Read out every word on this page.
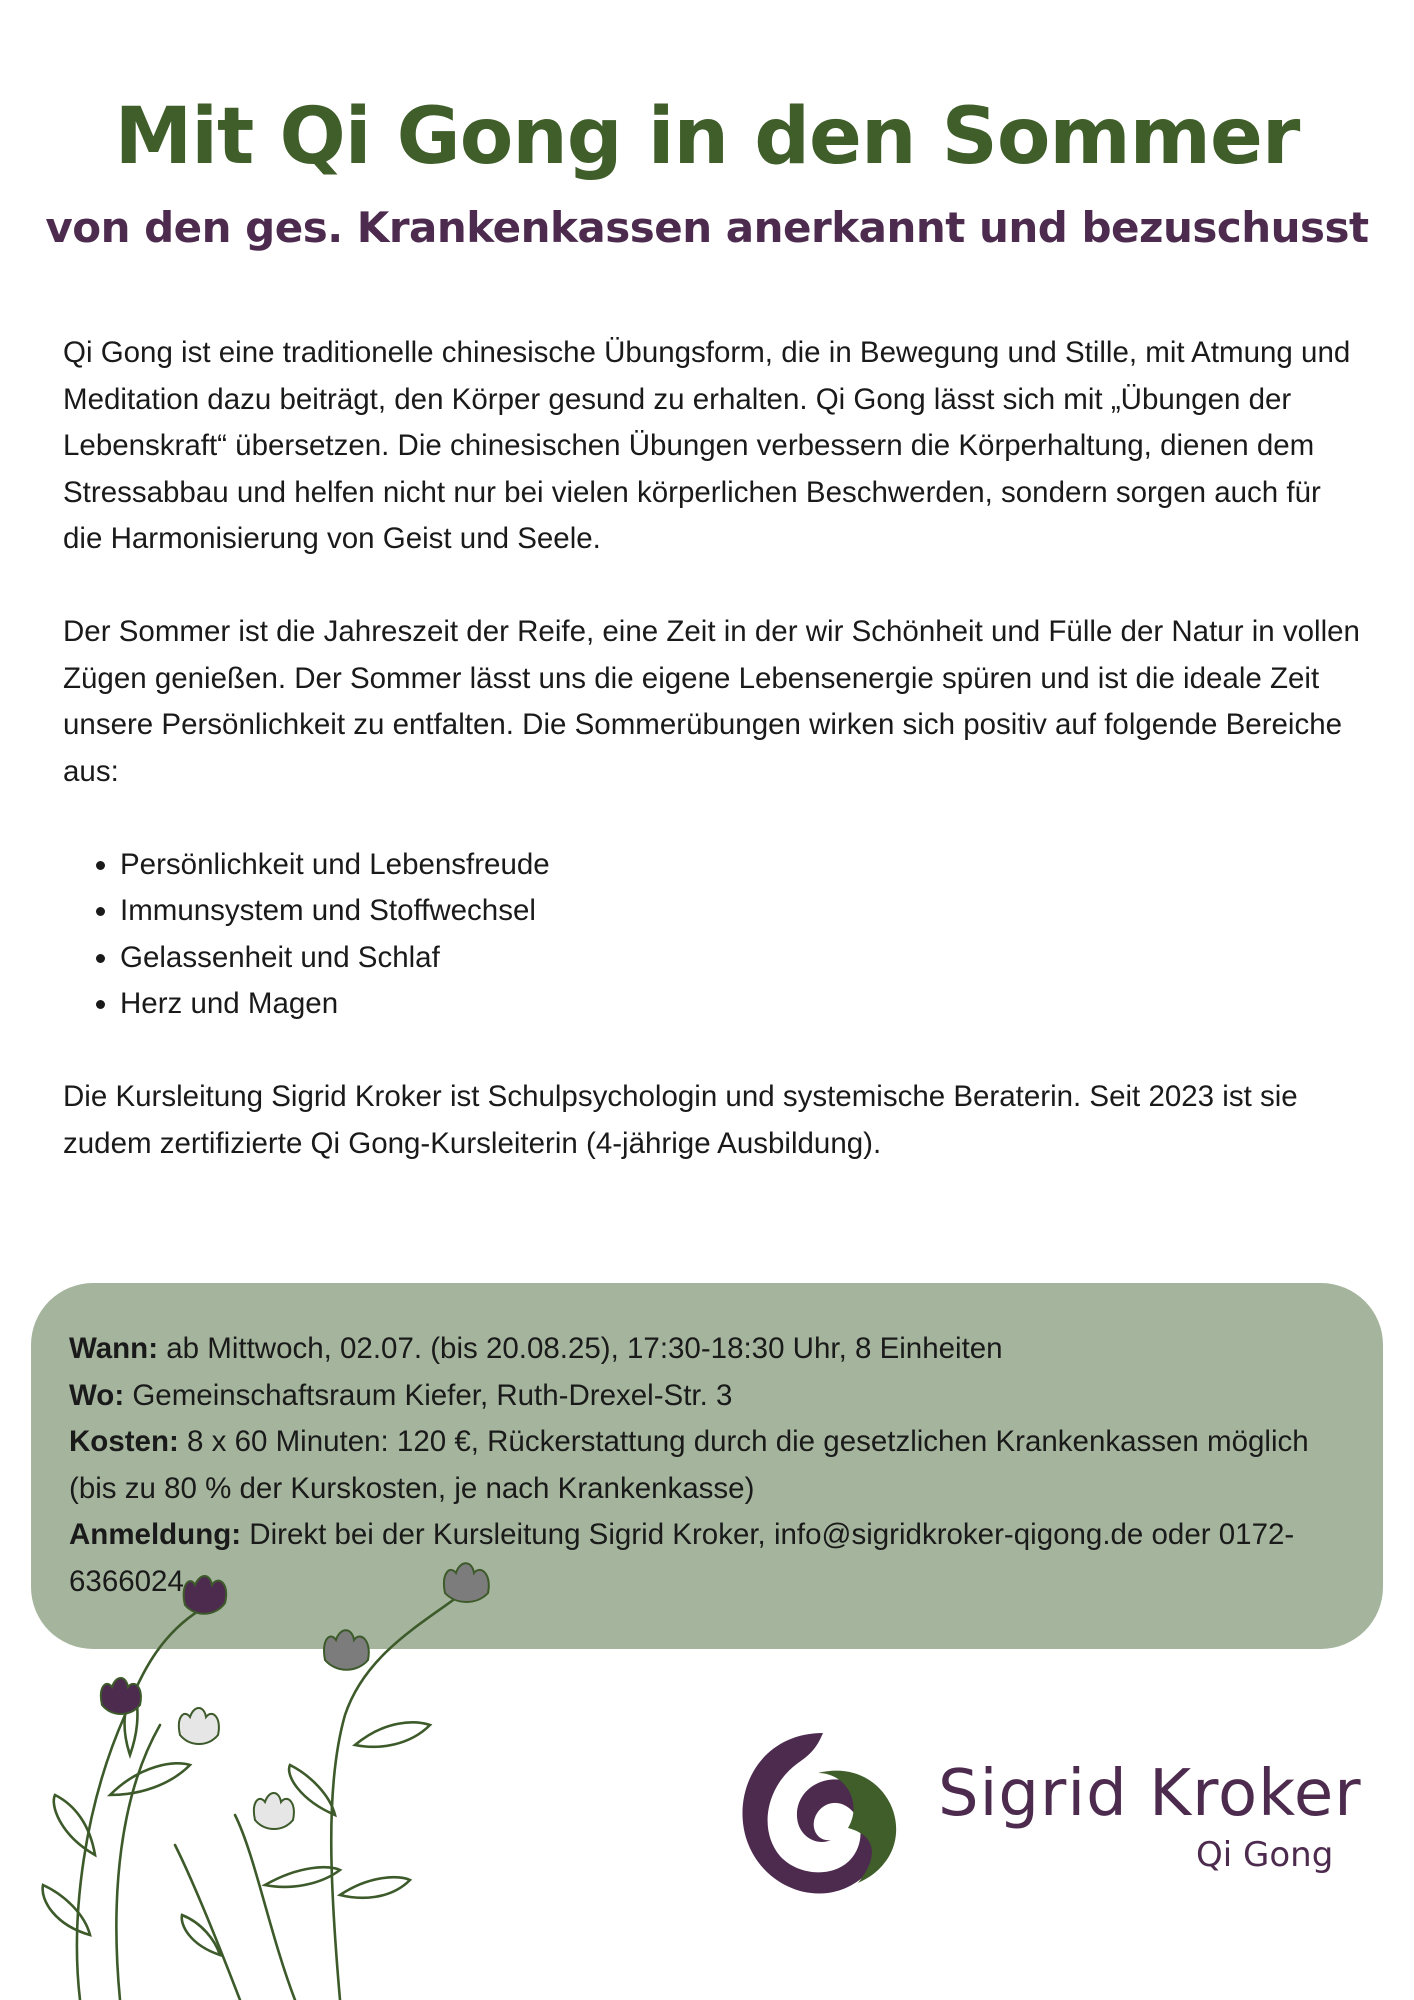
Mit Qi Gong in den Sommer
von den ges. Krankenkassen anerkannt und bezuschusst

Qi Gong ist eine traditionelle chinesische Übungsform, die in Bewegung und Stille, mit Atmung und Meditation dazu beiträgt, den Körper gesund zu erhalten. Qi Gong lässt sich mit „Übungen der Lebenskraft“ übersetzen. Die chinesischen Übungen verbessern die Körperhaltung, dienen dem Stressabbau und helfen nicht nur bei vielen körperlichen Beschwerden, sondern sorgen auch für die Harmonisierung von Geist und Seele.

Der Sommer ist die Jahreszeit der Reife, eine Zeit in der wir Schönheit und Fülle der Natur in vollen Zügen genießen. Der Sommer lässt uns die eigene Lebensenergie spüren und ist die ideale Zeit unsere Persönlichkeit zu entfalten. Die Sommerübungen wirken sich positiv auf folgende Bereiche aus:

• Persönlichkeit und Lebensfreude
• Immunsystem und Stoffwechsel
• Gelassenheit und Schlaf
• Herz und Magen

Die Kursleitung Sigrid Kroker ist Schulpsychologin und systemische Beraterin. Seit 2023 ist sie zudem zertifizierte Qi Gong-Kursleiterin (4-jährige Ausbildung).

Wann: ab Mittwoch, 02.07. (bis 20.08.25), 17:30-18:30 Uhr, 8 Einheiten
Wo: Gemeinschaftsraum Kiefer, Ruth-Drexel-Str. 3
Kosten: 8 x 60 Minuten: 120 €, Rückerstattung durch die gesetzlichen Krankenkassen möglich (bis zu 80 % der Kurskosten, je nach Krankenkasse)
Anmeldung: Direkt bei der Kursleitung Sigrid Kroker, info@sigridkroker-qigong.de oder 0172-6366024
Sigrid Kroker
Qi Gong
